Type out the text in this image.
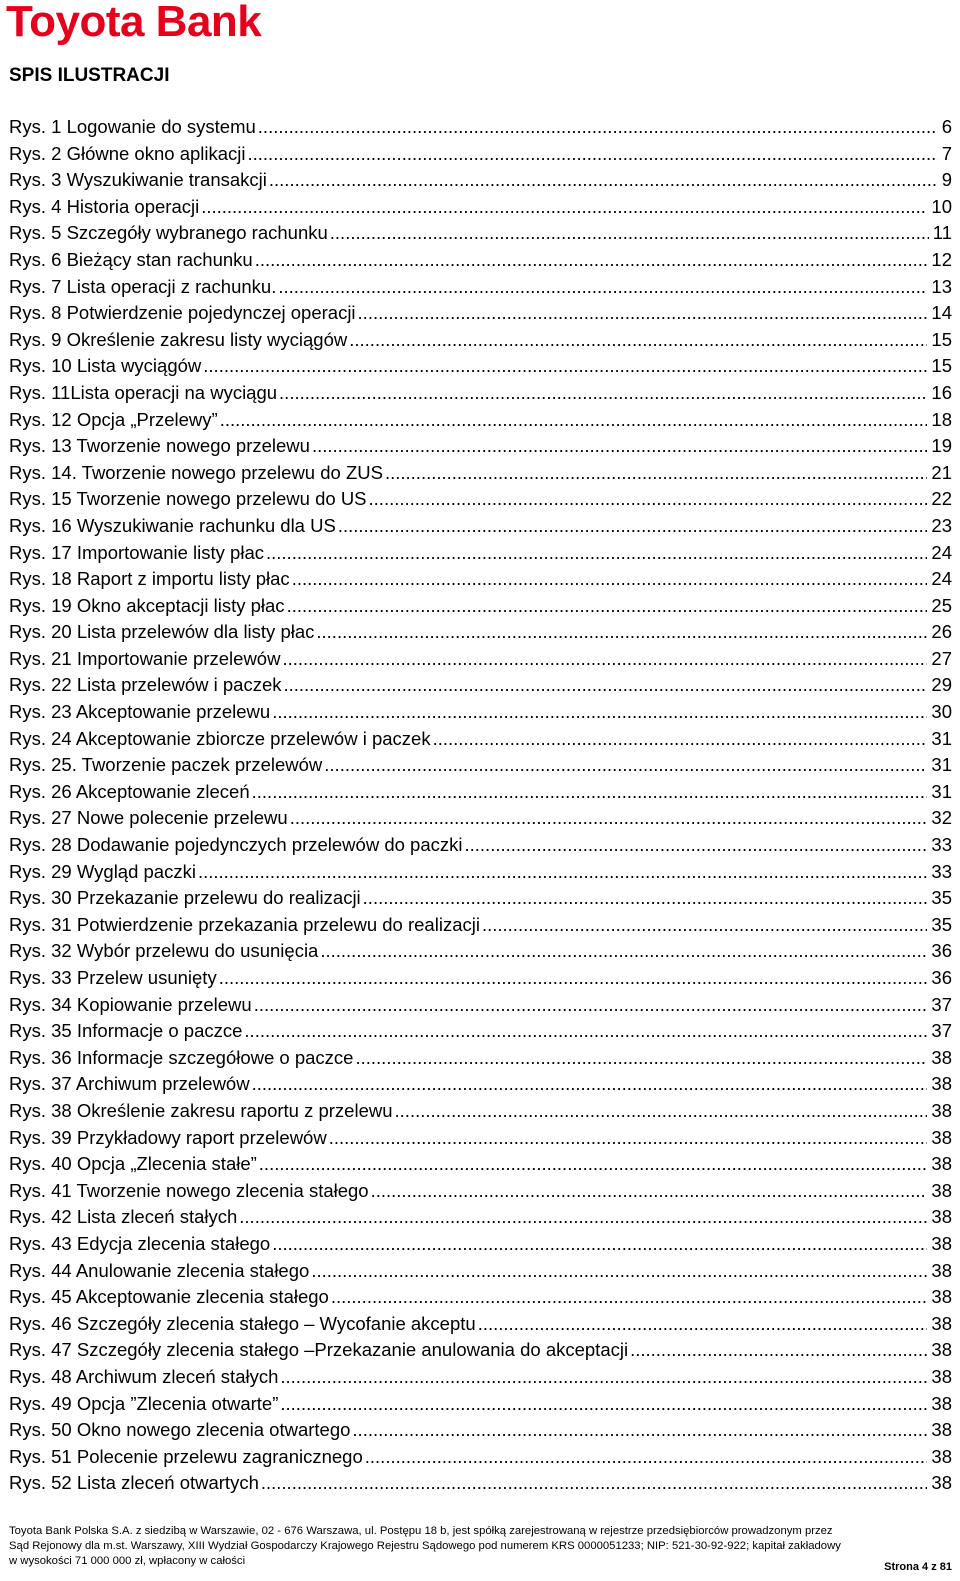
Toyota Bank
SPIS ILUSTRACJI
Rys. 1 Logowanie do systemu .....	6
Rys. 2 Główne okno aplikacji .....	7
Rys. 3 Wyszukiwanie transakcji .....	9
Rys. 4 Historia operacji .....	10
Rys. 5 Szczegóły wybranego rachunku .....	11
Rys. 6 Bieżący stan rachunku .....	12
Rys. 7 Lista operacji z rachunku. .....	13
Rys. 8 Potwierdzenie pojedynczej operacji .....	14
Rys. 9 Określenie zakresu listy wyciągów .....	15
Rys. 10 Lista wyciągów .....	15
Rys. 11Lista operacji na wyciągu .....	16
Rys. 12 Opcja „Przelewy” .....	18
Rys. 13 Tworzenie nowego przelewu .....	19
Rys. 14. Tworzenie nowego przelewu do ZUS .....	21
Rys. 15 Tworzenie nowego przelewu do US .....	22
Rys. 16 Wyszukiwanie rachunku dla US .....	23
Rys. 17 Importowanie listy płac .....	24
Rys. 18 Raport z importu listy płac .....	24
Rys. 19 Okno akceptacji listy płac .....	25
Rys. 20 Lista przelewów dla listy płac .....	26
Rys. 21 Importowanie przelewów .....	27
Rys. 22 Lista przelewów i paczek .....	29
Rys. 23 Akceptowanie przelewu .....	30
Rys. 24 Akceptowanie zbiorcze przelewów i paczek .....	31
Rys. 25. Tworzenie paczek przelewów .....	31
Rys. 26 Akceptowanie zleceń .....	31
Rys. 27 Nowe polecenie przelewu .....	32
Rys. 28 Dodawanie pojedynczych przelewów do paczki .....	33
Rys. 29 Wygląd paczki .....	33
Rys. 30 Przekazanie przelewu do realizacji .....	35
Rys. 31 Potwierdzenie przekazania przelewu do realizacji .....	35
Rys. 32 Wybór przelewu do usunięcia .....	36
Rys. 33 Przelew usunięty .....	36
Rys. 34 Kopiowanie przelewu .....	37
Rys. 35 Informacje o paczce .....	37
Rys. 36 Informacje szczegółowe o paczce .....	38
Rys. 37 Archiwum przelewów .....	38
Rys. 38 Określenie zakresu raportu z przelewu .....	38
Rys. 39 Przykładowy raport przelewów .....	38
Rys. 40 Opcja „Zlecenia stałe” .....	38
Rys. 41 Tworzenie nowego zlecenia stałego .....	38
Rys. 42 Lista zleceń stałych .....	38
Rys. 43 Edycja zlecenia stałego .....	38
Rys. 44 Anulowanie zlecenia stałego .....	38
Rys. 45 Akceptowanie zlecenia stałego .....	38
Rys. 46 Szczegóły zlecenia stałego – Wycofanie akceptu .....	38
Rys. 47 Szczegóły zlecenia stałego –Przekazanie anulowania do akceptacji .....	38
Rys. 48 Archiwum zleceń stałych .....	38
Rys. 49 Opcja ”Zlecenia otwarte” .....	38
Rys. 50 Okno nowego zlecenia otwartego .....	38
Rys. 51 Polecenie przelewu zagranicznego .....	38
Rys. 52 Lista zleceń otwartych .....	38
Toyota Bank Polska S.A. z siedzibą w Warszawie, 02 - 676 Warszawa, ul. Postępu 18 b, jest spółką zarejestrowaną w rejestrze przedsiębiorców prowadzonym przez
Sąd Rejonowy dla m.st. Warszawy, XIII Wydział Gospodarczy Krajowego Rejestru Sądowego pod numerem KRS 0000051233; NIP: 521-30-92-922; kapitał zakładowy
w wysokości 71 000 000 zł, wpłacony w całości	Strona 4 z 81
